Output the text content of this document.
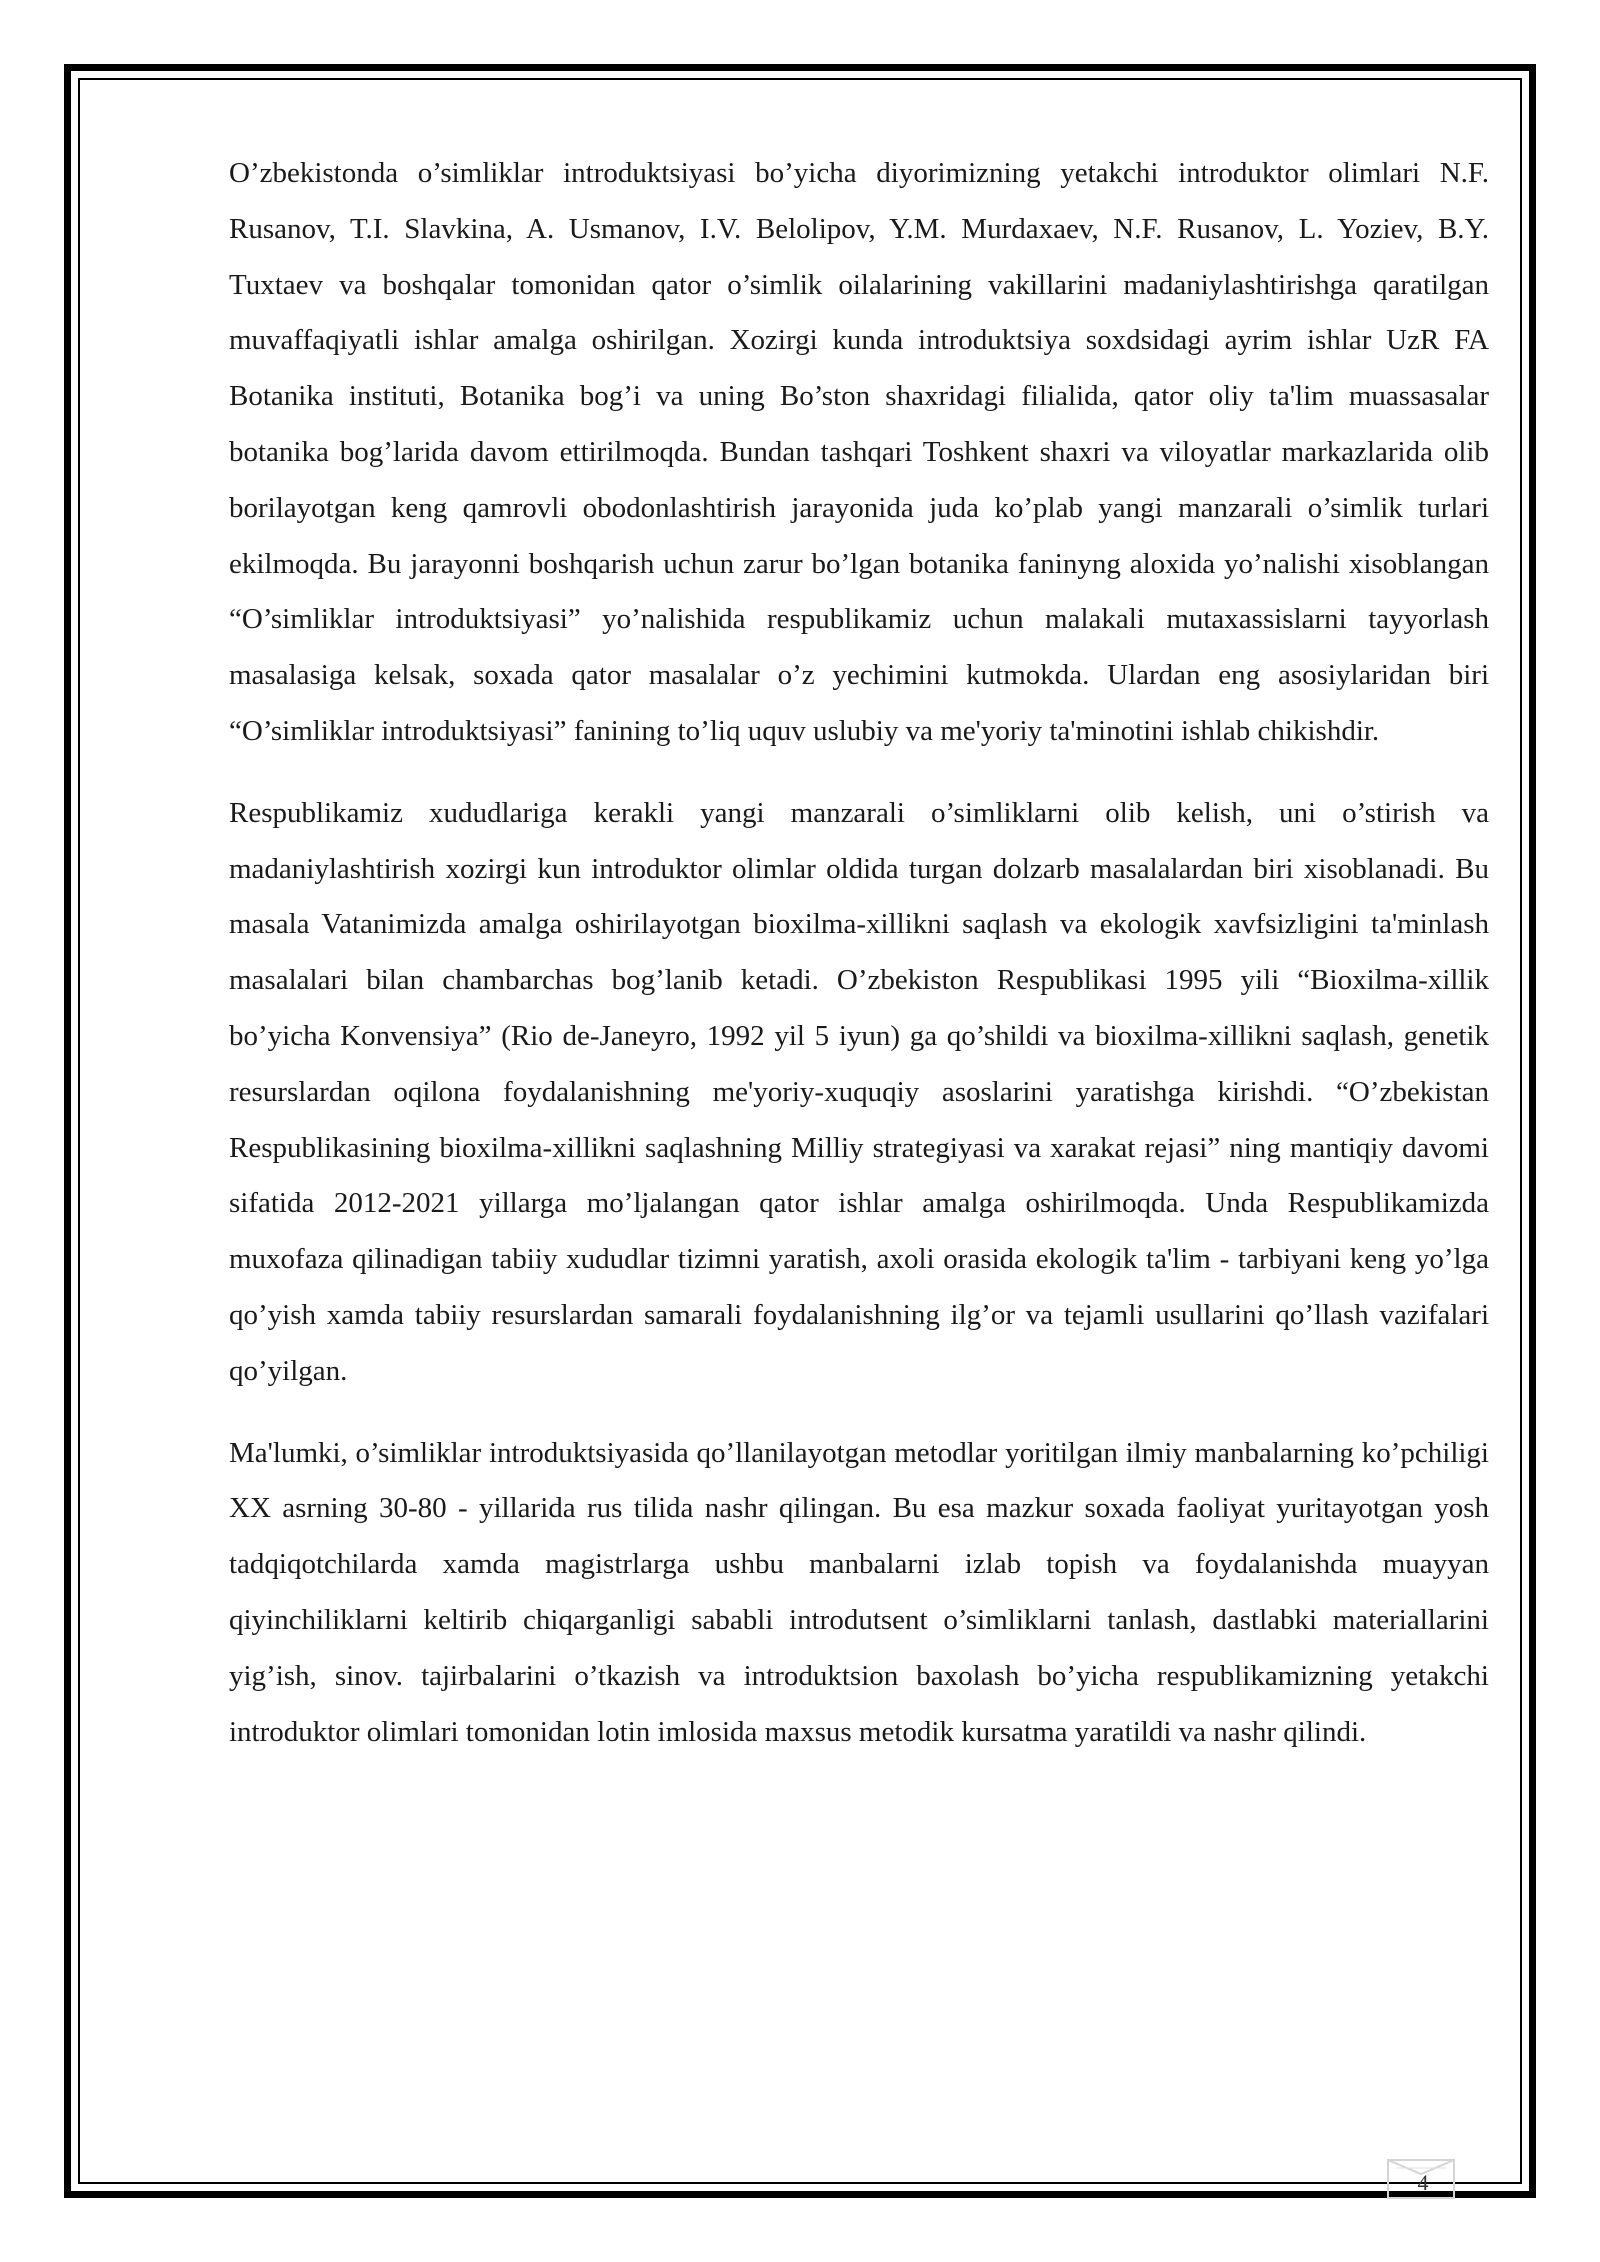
O’zbekistonda o’simliklar introduktsiyasi bo’yicha diyorimizning yetakchi introduktor olimlari N.F. Rusanov, T.I. Slavkina, A. Usmanov, I.V. Belolipov, Y.M. Murdaxaev, N.F. Rusanov, L. Yoziev, B.Y. Tuxtaev va boshqalar tomonidan qator o’simlik oilalarining vakillarini madaniylashtirishga qaratilgan muvaffaqiyatli ishlar amalga oshirilgan. Xozirgi kunda introduktsiya soxdsidagi ayrim ishlar UzR FA Botanika instituti, Botanika bog’i va uning Bo’ston shaxridagi filialida, qator oliy ta'lim muassasalar botanika bog’larida davom ettirilmoqda. Bundan tashqari Toshkent shaxri va viloyatlar markazlarida olib borilayotgan keng qamrovli obodonlashtirish jarayonida juda ko’plab yangi manzarali o’simlik turlari ekilmoqda. Bu jarayonni boshqarish uchun zarur bo’lgan botanika faninyng aloxida yo’nalishi xisoblangan “O’simliklar introduktsiyasi” yo’nalishida respublikamiz uchun malakali mutaxassislarni tayyorlash masalasiga kelsak, soxada qator masalalar o’z yechimini kutmokda. Ulardan eng asosiylaridan biri “O’simliklar introduktsiyasi” fanining to’liq uquv uslubiy va me'yoriy ta'minotini ishlab chikishdir.

Respublikamiz xududlariga kerakli yangi manzarali o’simliklarni olib kelish, uni o’stirish va madaniylashtirish xozirgi kun introduktor olimlar oldida turgan dolzarb masalalardan biri xisoblanadi. Bu masala Vatanimizda amalga oshirilayotgan bioxilma-xillikni saqlash va ekologik xavfsizligini ta'minlash masalalari bilan chambarchas bog’lanib ketadi. O’zbekiston Respublikasi 1995 yili “Bioxilma-xillik bo’yicha Konvensiya” (Rio de-Janeyro, 1992 yil 5 iyun) ga qo’shildi va bioxilma-xillikni saqlash, genetik resurslardan oqilona foydalanishning me'yoriy-xuquqiy asoslarini yaratishga kirishdi. “O’zbekistan Respublikasining bioxilma-xillikni saqlashning Milliy strategiyasi va xarakat rejasi” ning mantiqiy davomi sifatida 2012-2021 yillarga mo’ljalangan qator ishlar amalga oshirilmoqda. Unda Respublikamizda muxofaza qilinadigan tabiiy xududlar tizimni yaratish, axoli orasida ekologik ta'lim - tarbiyani keng yo’lga qo’yish xamda tabiiy resurslardan samarali foydalanishning ilg’or va tejamli usullarini qo’llash vazifalari qo’yilgan.

Ma'lumki, o’simliklar introduktsiyasida qo’llanilayotgan metodlar yoritilgan ilmiy manbalarning ko’pchiligi XX asrning 30-80 - yillarida rus tilida nashr qilingan. Bu esa mazkur soxada faoliyat yuritayotgan yosh tadqiqotchilarda xamda magistrlarga ushbu manbalarni izlab topish va foydalanishda muayyan qiyinchiliklarni keltirib chiqarganligi sababli introdutsent o’simliklarni tanlash, dastlabki materiallarini yig’ish, sinov. tajirbalarini o’tkazish va introduktsion baxolash bo’yicha respublikamizning yetakchi introduktor olimlari tomonidan lotin imlosida maxsus metodik kursatma yaratildi va nashr qilindi.

4
